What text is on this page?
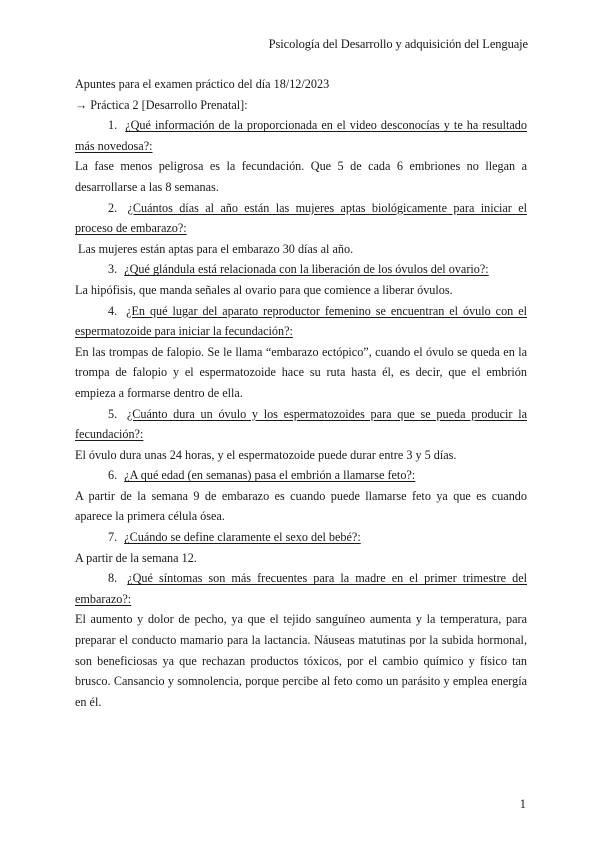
Psicología del Desarrollo y adquisición del Lenguaje

Apuntes para el examen práctico del día 18/12/2023

→ Práctica 2 [Desarrollo Prenatal]:

1. ¿Qué información de la proporcionada en el video desconocías y te ha resultado más novedosa?:

La fase menos peligrosa es la fecundación. Que 5 de cada 6 embriones no llegan a desarrollarse a las 8 semanas.

2. ¿Cuántos días al año están las mujeres aptas biológicamente para iniciar el proceso de embarazo?:

Las mujeres están aptas para el embarazo 30 días al año.

3. ¿Qué glándula está relacionada con la liberación de los óvulos del ovario?:

La hipófisis, que manda señales al ovario para que comience a liberar óvulos.

4. ¿En qué lugar del aparato reproductor femenino se encuentran el óvulo con el espermatozoide para iniciar la fecundación?:

En las trompas de falopio. Se le llama “embarazo ectópico”, cuando el óvulo se queda en la trompa de falopio y el espermatozoide hace su ruta hasta él, es decir, que el embrión empieza a formarse dentro de ella.

5. ¿Cuánto dura un óvulo y los espermatozoides para que se pueda producir la fecundación?:

El óvulo dura unas 24 horas, y el espermatozoide puede durar entre 3 y 5 días.

6. ¿A qué edad (en semanas) pasa el embrión a llamarse feto?:

A partir de la semana 9 de embarazo es cuando puede llamarse feto ya que es cuando aparece la primera célula ósea.

7. ¿Cuándo se define claramente el sexo del bebé?:

A partir de la semana 12.

8. ¿Qué síntomas son más frecuentes para la madre en el primer trimestre del embarazo?:

El aumento y dolor de pecho, ya que el tejido sanguíneo aumenta y la temperatura, para preparar el conducto mamario para la lactancia. Náuseas matutinas por la subida hormonal, son beneficiosas ya que rechazan productos tóxicos, por el cambio químico y físico tan brusco. Cansancio y somnolencia, porque percibe al feto como un parásito y emplea energía en él.

1
